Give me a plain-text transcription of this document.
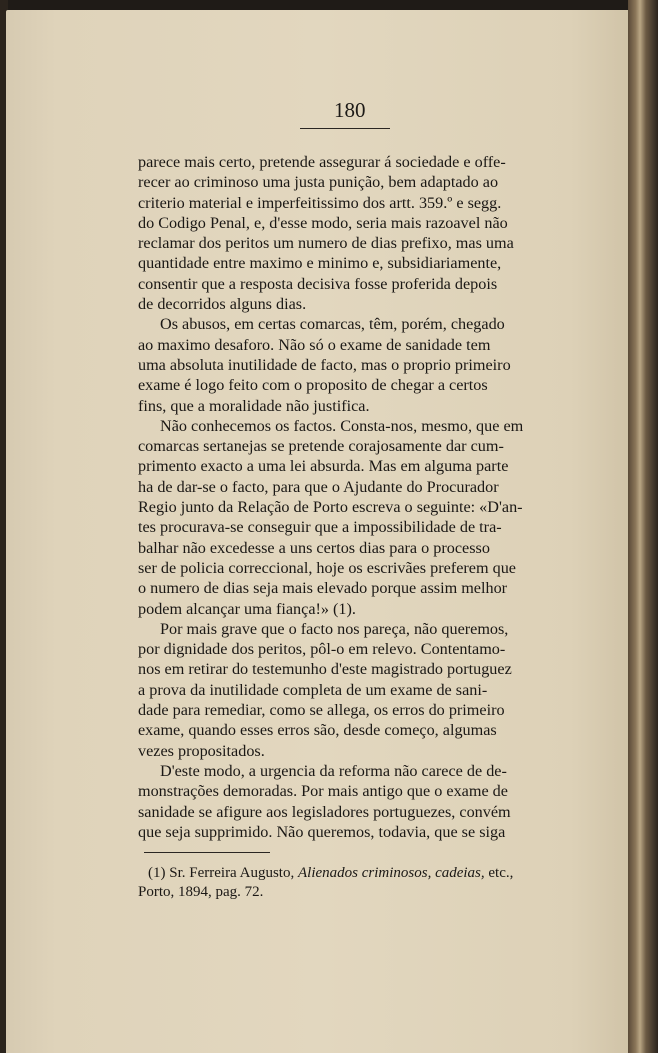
180
parece mais certo, pretende assegurar á sociedade e offe-
recer ao criminoso uma justa punição, bem adaptado ao
criterio material e imperfeitissimo dos artt. 359.º e segg.
do Codigo Penal, e, d'esse modo, seria mais razoavel não
reclamar dos peritos um numero de dias prefixo, mas uma
quantidade entre maximo e minimo e, subsidiariamente,
consentir que a resposta decisiva fosse proferida depois
de decorridos alguns dias.
Os abusos, em certas comarcas, têm, porém, chegado
ao maximo desaforo. Não só o exame de sanidade tem
uma absoluta inutilidade de facto, mas o proprio primeiro
exame é logo feito com o proposito de chegar a certos
fins, que a moralidade não justifica.
Não conhecemos os factos. Consta-nos, mesmo, que em
comarcas sertanejas se pretende corajosamente dar cum-
primento exacto a uma lei absurda. Mas em alguma parte
ha de dar-se o facto, para que o Ajudante do Procurador
Regio junto da Relação de Porto escreva o seguinte: «D'an-
tes procurava-se conseguir que a impossibilidade de tra-
balhar não excedesse a uns certos dias para o processo
ser de policia correccional, hoje os escrivães preferem que
o numero de dias seja mais elevado porque assim melhor
podem alcançar uma fiança!» (1).
Por mais grave que o facto nos pareça, não queremos,
por dignidade dos peritos, pôl-o em relevo. Contentamo-
nos em retirar do testemunho d'este magistrado portuguez
a prova da inutilidade completa de um exame de sani-
dade para remediar, como se allega, os erros do primeiro
exame, quando esses erros são, desde começo, algumas
vezes propositados.
D'este modo, a urgencia da reforma não carece de de-
monstrações demoradas. Por mais antigo que o exame de
sanidade se afigure aos legisladores portuguezes, convém
que seja supprimido. Não queremos, todavia, que se siga
(1) Sr. Ferreira Augusto, Alienados criminosos, cadeias, etc.,
Porto, 1894, pag. 72.
